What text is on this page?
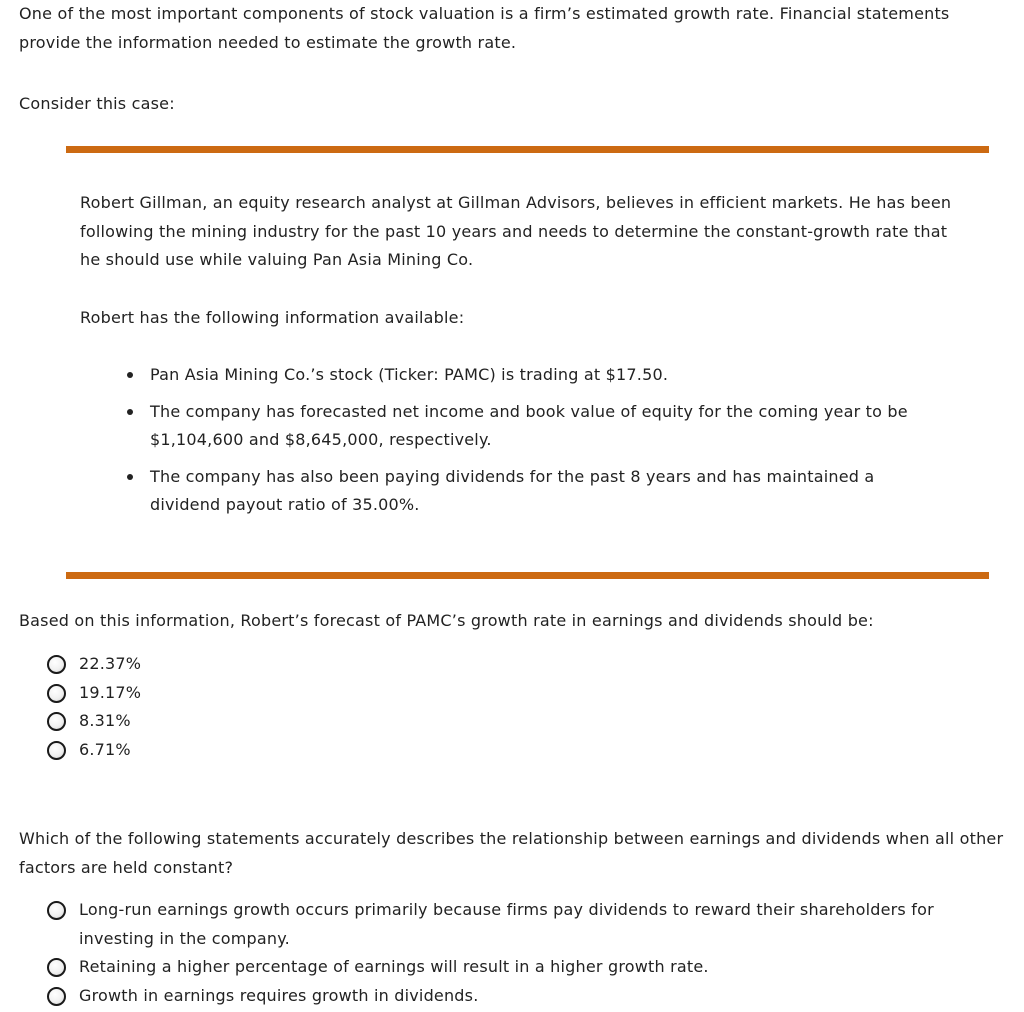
One of the most important components of stock valuation is a firm’s estimated growth rate. Financial statements provide the information needed to estimate the growth rate.

Consider this case:

Robert Gillman, an equity research analyst at Gillman Advisors, believes in efficient markets. He has been following the mining industry for the past 10 years and needs to determine the constant-growth rate that he should use while valuing Pan Asia Mining Co.

Robert has the following information available:

Pan Asia Mining Co.’s stock (Ticker: PAMC) is trading at $17.50.
The company has forecasted net income and book value of equity for the coming year to be $1,104,600 and $8,645,000, respectively.
The company has also been paying dividends for the past 8 years and has maintained a dividend payout ratio of 35.00%.

Based on this information, Robert’s forecast of PAMC’s growth rate in earnings and dividends should be:

22.37%
19.17%
8.31%
6.71%

Which of the following statements accurately describes the relationship between earnings and dividends when all other factors are held constant?

Long-run earnings growth occurs primarily because firms pay dividends to reward their shareholders for investing in the company.
Retaining a higher percentage of earnings will result in a higher growth rate.
Growth in earnings requires growth in dividends.
